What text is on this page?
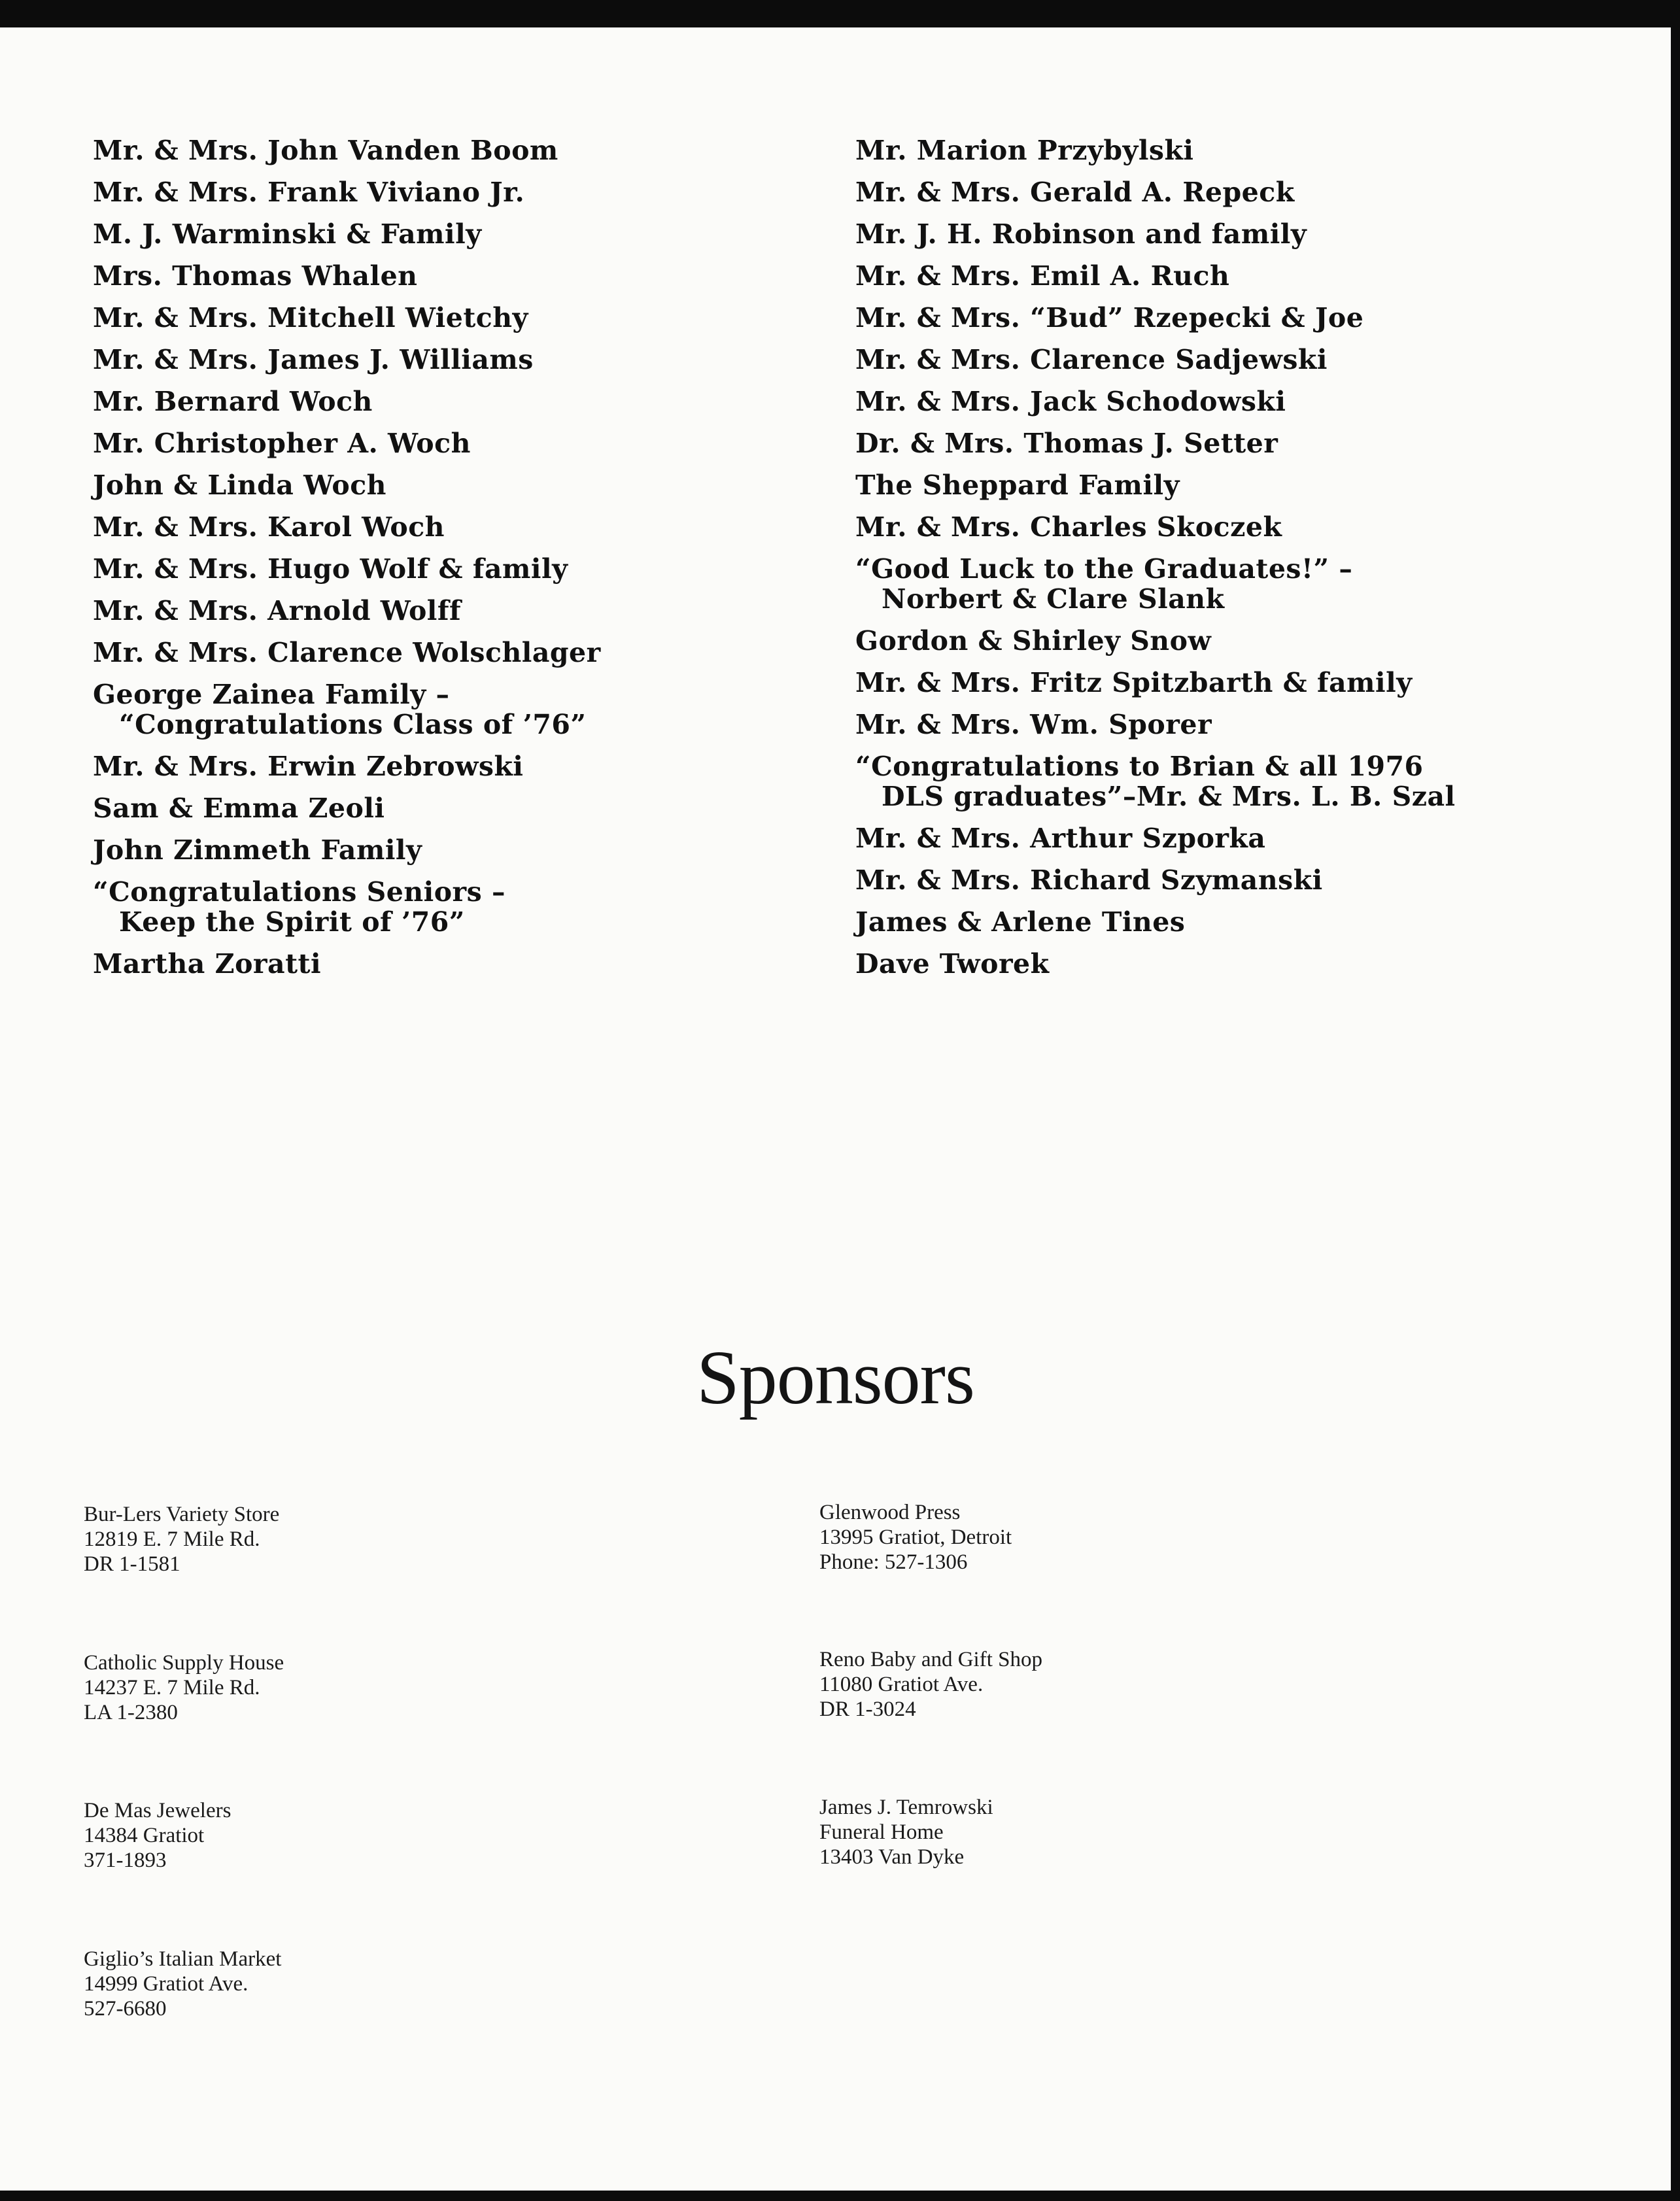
Mr. & Mrs. John Vanden Boom
Mr. & Mrs. Frank Viviano Jr.
M. J. Warminski & Family
Mrs. Thomas Whalen
Mr. & Mrs. Mitchell Wietchy
Mr. & Mrs. James J. Williams
Mr. Bernard Woch
Mr. Christopher A. Woch
John & Linda Woch
Mr. & Mrs. Karol Woch
Mr. & Mrs. Hugo Wolf & family
Mr. & Mrs. Arnold Wolff
Mr. & Mrs. Clarence Wolschlager
George Zainea Family –
“Congratulations Class of ’76”
Mr. & Mrs. Erwin Zebrowski
Sam & Emma Zeoli
John Zimmeth Family
“Congratulations Seniors –
Keep the Spirit of ’76”
Martha Zoratti
Mr. Marion Przybylski
Mr. & Mrs. Gerald A. Repeck
Mr. J. H. Robinson and family
Mr. & Mrs. Emil A. Ruch
Mr. & Mrs. “Bud” Rzepecki & Joe
Mr. & Mrs. Clarence Sadjewski
Mr. & Mrs. Jack Schodowski
Dr. & Mrs. Thomas J. Setter
The Sheppard Family
Mr. & Mrs. Charles Skoczek
“Good Luck to the Graduates!” –
Norbert & Clare Slank
Gordon & Shirley Snow
Mr. & Mrs. Fritz Spitzbarth & family
Mr. & Mrs. Wm. Sporer
“Congratulations to Brian & all 1976
DLS graduates”–Mr. & Mrs. L. B. Szal
Mr. & Mrs. Arthur Szporka
Mr. & Mrs. Richard Szymanski
James & Arlene Tines
Dave Tworek
Sponsors
Bur-Lers Variety Store
12819 E. 7 Mile Rd.
DR 1-1581
Catholic Supply House
14237 E. 7 Mile Rd.
LA 1-2380
De Mas Jewelers
14384 Gratiot
371-1893
Giglio’s Italian Market
14999 Gratiot Ave.
527-6680
Glenwood Press
13995 Gratiot, Detroit
Phone: 527-1306
Reno Baby and Gift Shop
11080 Gratiot Ave.
DR 1-3024
James J. Temrowski
Funeral Home
13403 Van Dyke
